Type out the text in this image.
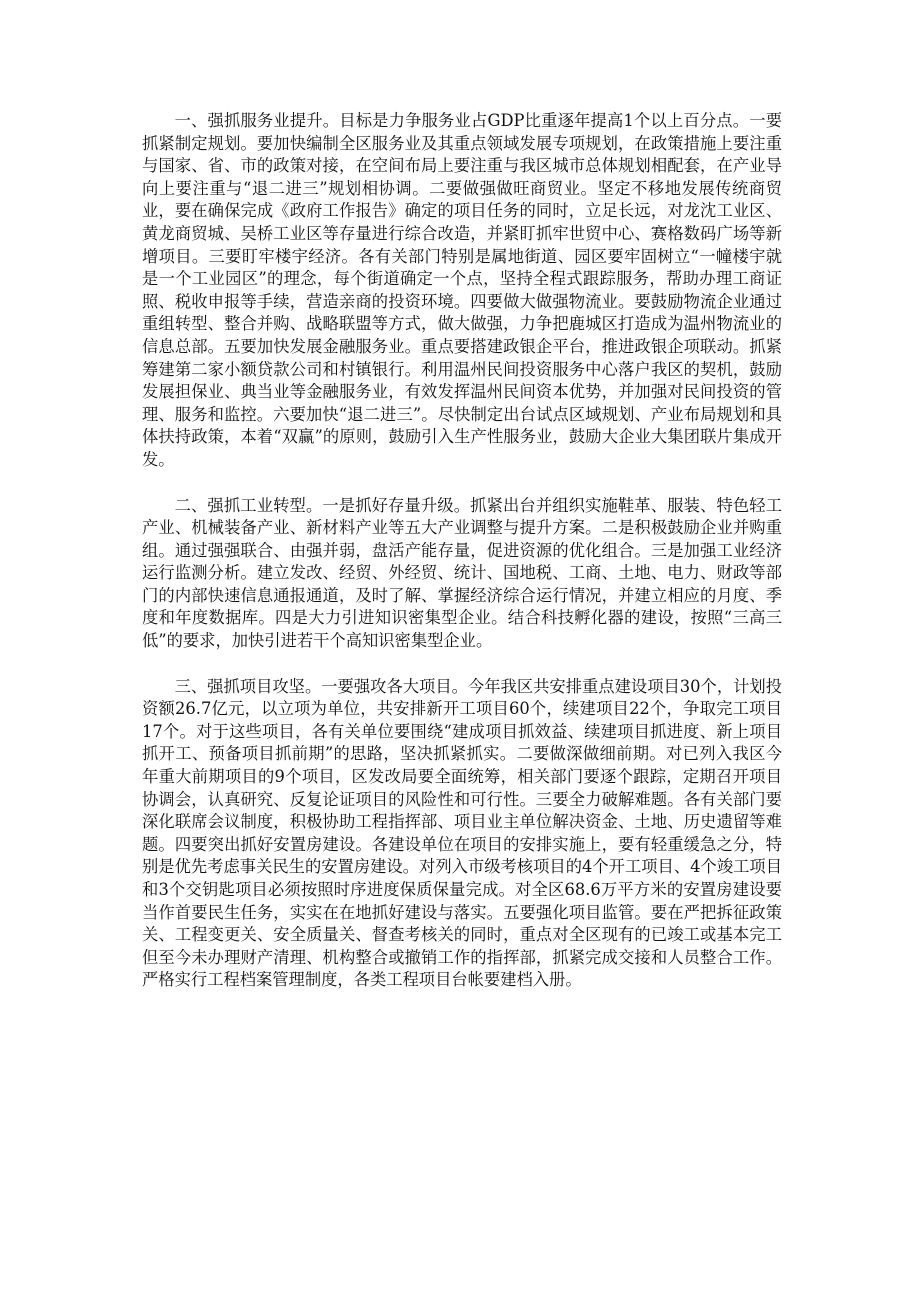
一、强抓服务业提升。目标是力争服务业占GDP比重逐年提高1个以上百分点。一要抓紧制定规划。要加快编制全区服务业及其重点领域发展专项规划，在政策措施上要注重与国家、省、市的政策对接，在空间布局上要注重与我区城市总体规划相配套，在产业导向上要注重与“退二进三”规划相协调。二要做强做旺商贸业。坚定不移地发展传统商贸业，要在确保完成《政府工作报告》确定的项目任务的同时，立足长远，对龙沈工业区、黄龙商贸城、吴桥工业区等存量进行综合改造，并紧盯抓牢世贸中心、赛格数码广场等新增项目。三要盯牢楼宇经济。各有关部门特别是属地街道、园区要牢固树立“一幢楼宇就是一个工业园区”的理念，每个街道确定一个点，坚持全程式跟踪服务，帮助办理工商证照、税收申报等手续，营造亲商的投资环境。四要做大做强物流业。要鼓励物流企业通过重组转型、整合并购、战略联盟等方式，做大做强，力争把鹿城区打造成为温州物流业的信息总部。五要加快发展金融服务业。重点要搭建政银企平台，推进政银企项联动。抓紧筹建第二家小额贷款公司和村镇银行。利用温州民间投资服务中心落户我区的契机，鼓励发展担保业、典当业等金融服务业，有效发挥温州民间资本优势，并加强对民间投资的管理、服务和监控。六要加快“退二进三”。尽快制定出台试点区域规划、产业布局规划和具体扶持政策，本着“双赢”的原则，鼓励引入生产性服务业，鼓励大企业大集团联片集成开发。

二、强抓工业转型。一是抓好存量升级。抓紧出台并组织实施鞋革、服装、特色轻工产业、机械装备产业、新材料产业等五大产业调整与提升方案。二是积极鼓励企业并购重组。通过强强联合、由强并弱，盘活产能存量，促进资源的优化组合。三是加强工业经济运行监测分析。建立发改、经贸、外经贸、统计、国地税、工商、土地、电力、财政等部门的内部快速信息通报通道，及时了解、掌握经济综合运行情况，并建立相应的月度、季度和年度数据库。四是大力引进知识密集型企业。结合科技孵化器的建设，按照“三高三低”的要求，加快引进若干个高知识密集型企业。

三、强抓项目攻坚。一要强攻各大项目。今年我区共安排重点建设项目30个，计划投资额26.7亿元，以立项为单位，共安排新开工项目60个，续建项目22个，争取完工项目17个。对于这些项目，各有关单位要围绕“建成项目抓效益、续建项目抓进度、新上项目抓开工、预备项目抓前期”的思路，坚决抓紧抓实。二要做深做细前期。对已列入我区今年重大前期项目的9个项目，区发改局要全面统筹，相关部门要逐个跟踪，定期召开项目协调会，认真研究、反复论证项目的风险性和可行性。三要全力破解难题。各有关部门要深化联席会议制度，积极协助工程指挥部、项目业主单位解决资金、土地、历史遗留等难题。四要突出抓好安置房建设。各建设单位在项目的安排实施上，要有轻重缓急之分，特别是优先考虑事关民生的安置房建设。对列入市级考核项目的4个开工项目、4个竣工项目和3个交钥匙项目必须按照时序进度保质保量完成。对全区68.6万平方米的安置房建设要当作首要民生任务，实实在在地抓好建设与落实。五要强化项目监管。要在严把拆征政策关、工程变更关、安全质量关、督查考核关的同时，重点对全区现有的已竣工或基本完工但至今未办理财产清理、机构整合或撤销工作的指挥部，抓紧完成交接和人员整合工作。严格实行工程档案管理制度，各类工程项目台帐要建档入册。
